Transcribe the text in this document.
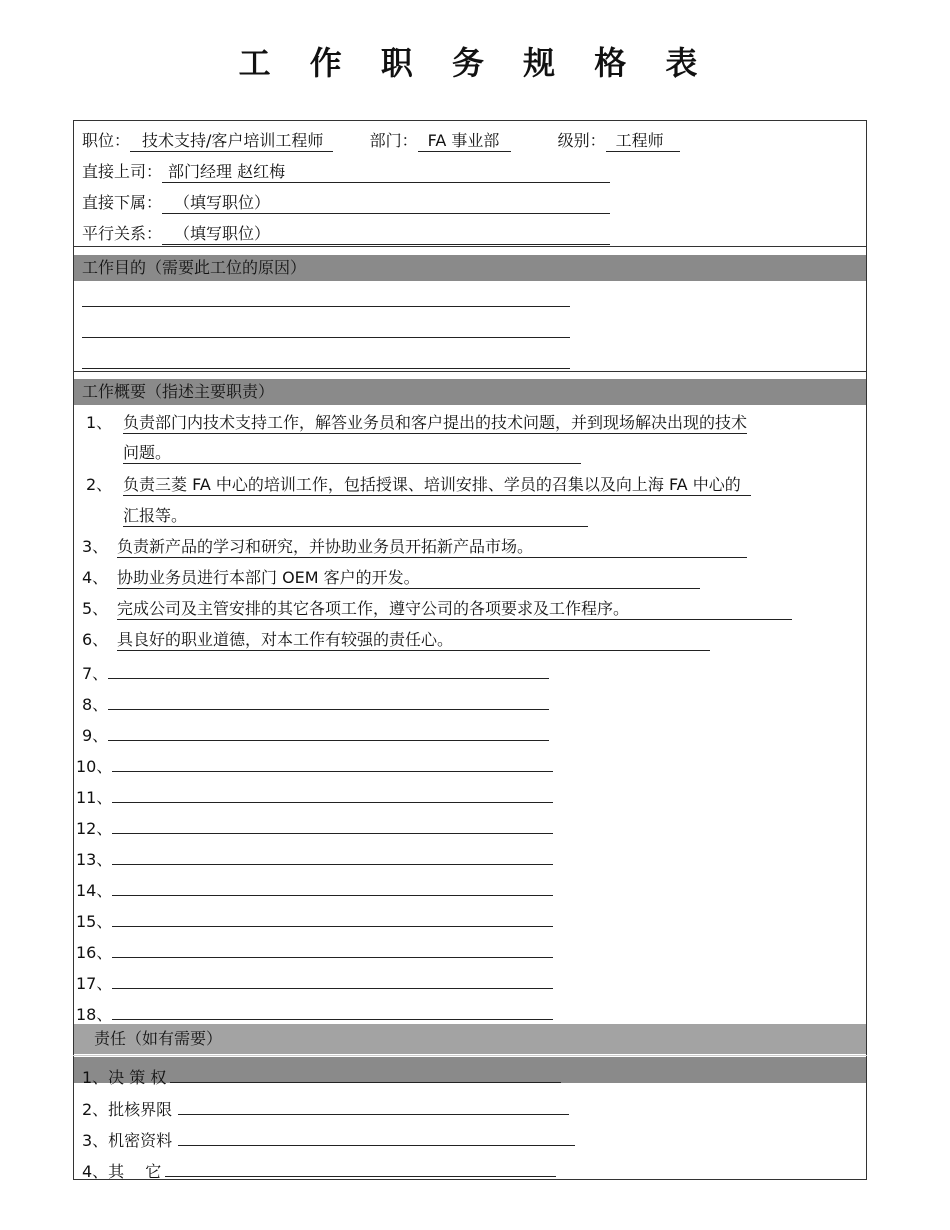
工 作 职 务 规 格 表
职位： 技术支持/客户培训工程师	部门： FA 事业部	级别： 工程师
直接上司： 部门经理 赵红梅
直接下属： （填写职位）
平行关系： （填写职位）
工作目的（需要此工位的原因）
工作概要（指述主要职责）
1、 负责部门内技术支持工作，解答业务员和客户提出的技术问题，并到现场解决出现的技术
问题。
2、 负责三菱 FA 中心的培训工作，包括授课、培训安排、学员的召集以及向上海 FA 中心的
汇报等。
3、 负责新产品的学习和研究，并协助业务员开拓新产品市场。
4、 协助业务员进行本部门 OEM 客户的开发。
5、 完成公司及主管安排的其它各项工作，遵守公司的各项要求及工作程序。
6、 具良好的职业道德，对本工作有较强的责任心。
7、
8、
9、
10、
11、
12、
13、
14、
15、
16、
17、
18、
责任（如有需要）
1、决 策 权
2、批核界限
3、机密资料
4、其　 它
